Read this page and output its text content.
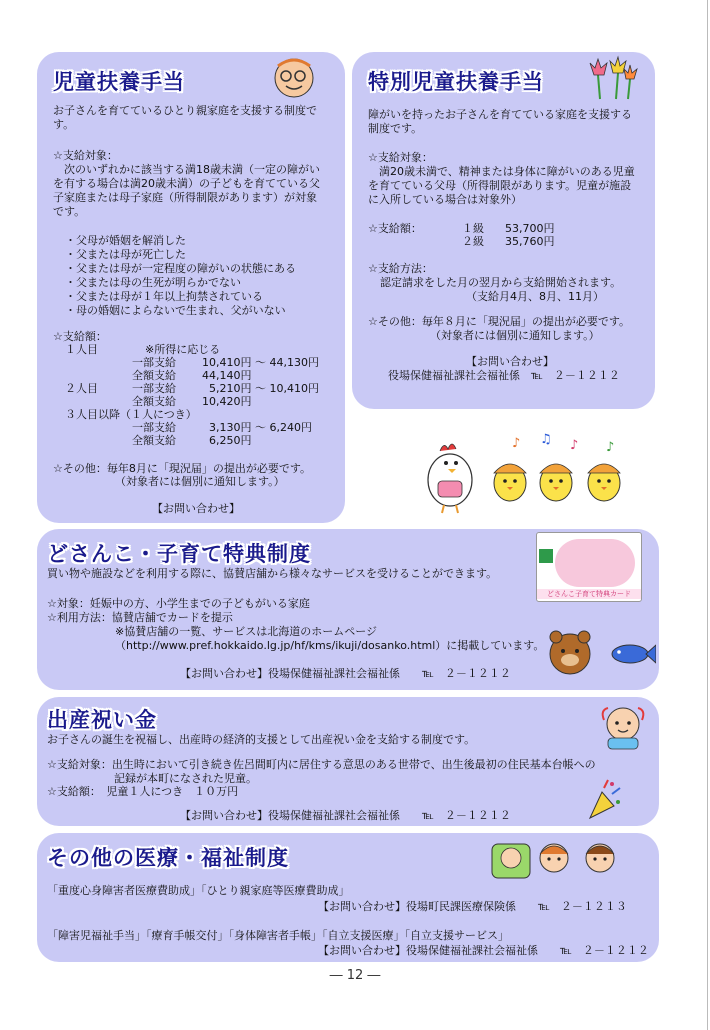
児童扶養手当
お子さんを育てているひとり親家庭を支援する制度で
す。
☆支給対象：
　次のいずれかに該当する満18歳未満（一定の障がい
を有する場合は満20歳未満）の子どもを育てている父
子家庭または母子家庭（所得制限があります）が対象
です。
・父母が婚姻を解消した
・父または母が死亡した
・父または母が一定程度の障がいの状態にある
・父または母の生死が明らかでない
・父または母が１年以上拘禁されている
・母の婚姻によらないで生まれ、父がいない
☆支給額：
１人目	※所得に応じる
一部支給 10,410円 ～ 44,130円
全額支給 44,140円
２人目	一部支給	5,210円 ～ 10,410円
全額支給 10,420円
３人目以降（１人につき）
一部支給	3,130円 ～ 6,240円
全額支給	6,250円
☆その他：毎年8月に「現況届」の提出が必要です。
（対象者には個別に通知します。）
【お問い合わせ】
特別児童扶養手当
障がいを持ったお子さんを育てている家庭を支援する
制度です。
☆支給対象：
　満20歳未満で、精神または身体に障がいのある児童
を育てている父母（所得制限があります。児童が施設
に入所している場合は対象外）
☆支給額：	１級 53,700円
２級 35,760円
☆支給方法：
認定請求をした月の翌月から支給開始されます。
（支給月4月、8月、11月）
☆その他：毎年８月に「現況届」の提出が必要です。
（対象者には個別に通知します。）
【お問い合わせ】
役場保健福祉課社会福祉係　℡　２－１２１２
♪ ♫ ♪ ♪
どさんこ・子育て特典制度
どさんこ子育て特典カード
買い物や施設などを利用する際に、協賛店舗から様々なサービスを受けることができます。
☆対象：妊娠中の方、小学生までの子どもがいる家庭
☆利用方法：協賛店舗でカードを提示
※協賛店舗の一覧、サービスは北海道のホームページ
（http://www.pref.hokkaido.lg.jp/hf/kms/ikuji/dosanko.html）に掲載しています。
【お問い合わせ】役場保健福祉課社会福祉係　　℡　２－１２１２
出産祝い金
お子さんの誕生を祝福し、出産時の経済的支援として出産祝い金を支給する制度です。
☆支給対象：出生時において引き続き佐呂間町内に居住する意思のある世帯で、出生後最初の住民基本台帳への
記録が本町になされた児童。
☆支給額：　児童１人につき　１０万円
【お問い合わせ】役場保健福祉課社会福祉係　　℡　２－１２１２
その他の医療・福祉制度
「重度心身障害者医療費助成」「ひとり親家庭等医療費助成」
【お問い合わせ】役場町民課医療保険係　　℡　２－１２１３
「障害児福祉手当」「療育手帳交付」「身体障害者手帳」「自立支援医療」「自立支援サービス」
【お問い合わせ】役場保健福祉課社会福祉係　　℡　２－１２１２
― 12 ―
